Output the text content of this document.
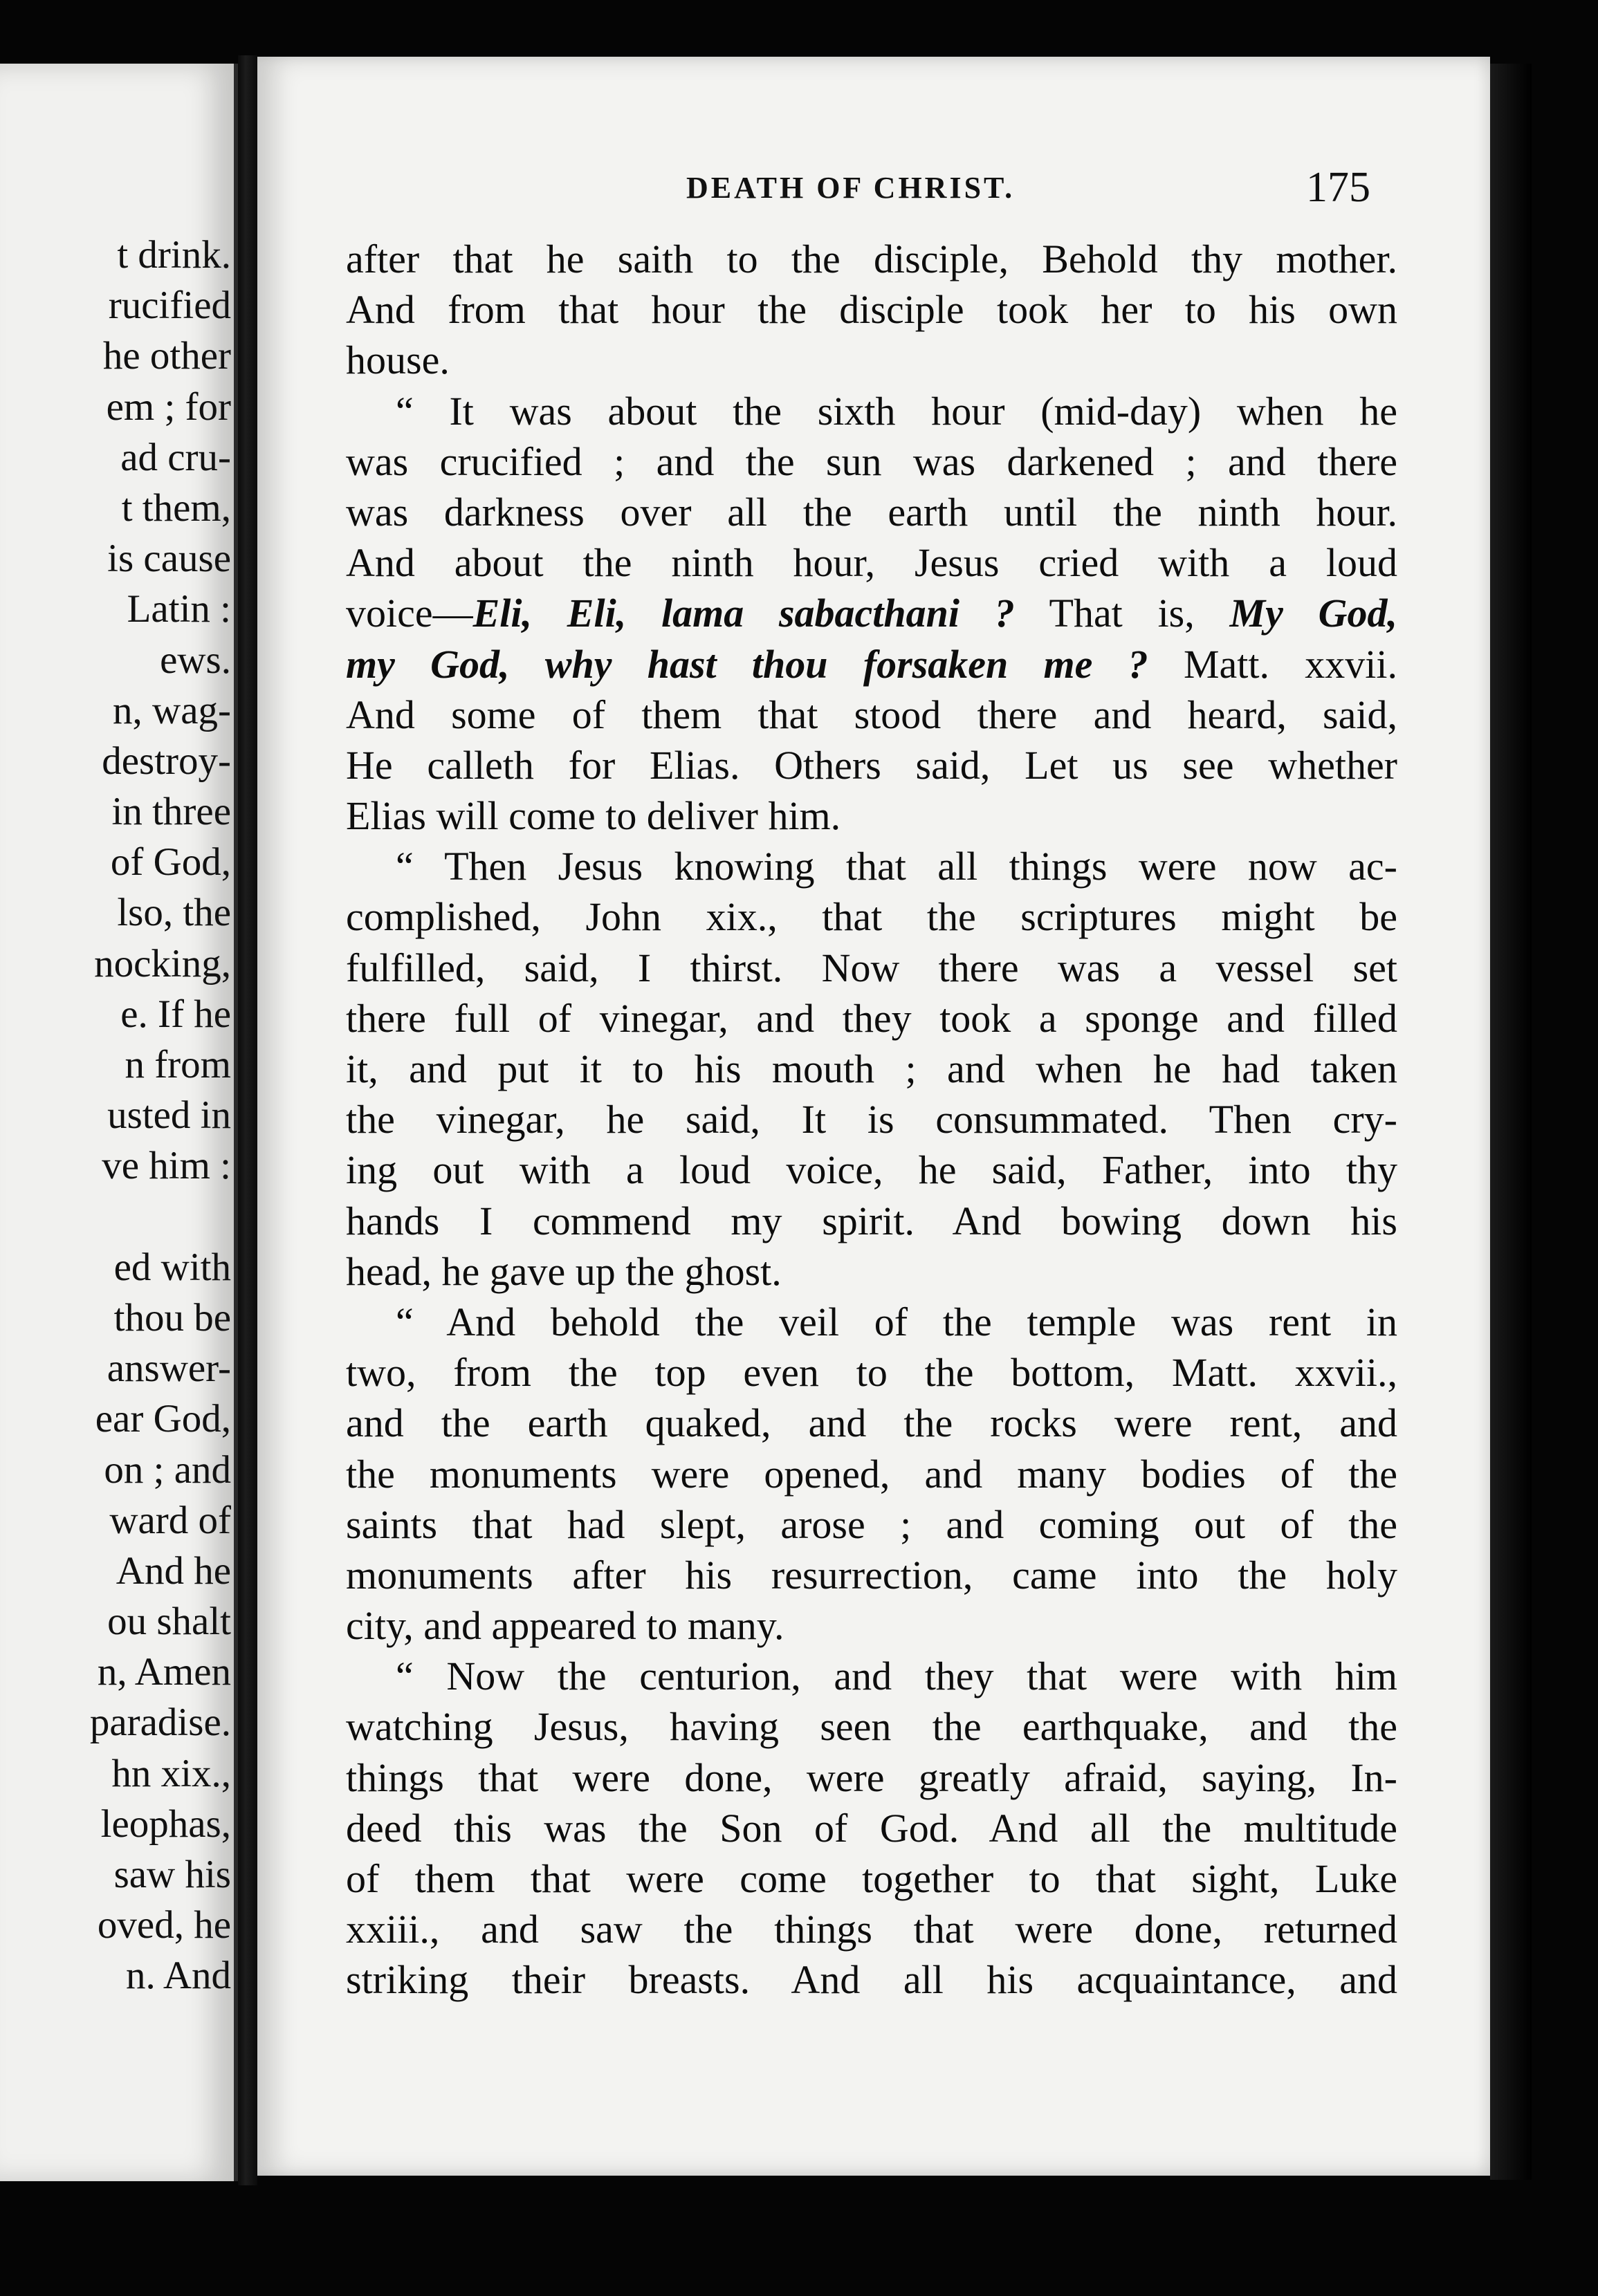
t drink.
rucified
he other
em ; for
ad cru-
t them,
is cause
Latin :
ews.
n, wag-
destroy-
in three
of God,
lso, the
nocking,
e. If he
n from
usted in
ve him :
ed with
thou be
answer-
ear God,
on ; and
ward of
And he
ou shalt
n, Amen
paradise.
hn xix.,
leophas,
saw his
oved, he
n. And
DEATH OF CHRIST.	175
after that he saith to the disciple, Behold thy mother.
And from that hour the disciple took her to his own
house.
“ It was about the sixth hour (mid-day) when he
was crucified ; and the sun was darkened ; and there
was darkness over all the earth until the ninth hour.
And about the ninth hour, Jesus cried with a loud
voice—Eli, Eli, lama sabacthani ? That is, My God,
my God, why hast thou forsaken me ? Matt. xxvii.
And some of them that stood there and heard, said,
He calleth for Elias. Others said, Let us see whether
Elias will come to deliver him.
“ Then Jesus knowing that all things were now ac-
complished, John xix., that the scriptures might be
fulfilled, said, I thirst. Now there was a vessel set
there full of vinegar, and they took a sponge and filled
it, and put it to his mouth ; and when he had taken
the vinegar, he said, It is consummated. Then cry-
ing out with a loud voice, he said, Father, into thy
hands I commend my spirit. And bowing down his
head, he gave up the ghost.
“ And behold the veil of the temple was rent in
two, from the top even to the bottom, Matt. xxvii.,
and the earth quaked, and the rocks were rent, and
the monuments were opened, and many bodies of the
saints that had slept, arose ; and coming out of the
monuments after his resurrection, came into the holy
city, and appeared to many.
“ Now the centurion, and they that were with him
watching Jesus, having seen the earthquake, and the
things that were done, were greatly afraid, saying, In-
deed this was the Son of God. And all the multitude
of them that were come together to that sight, Luke
xxiii., and saw the things that were done, returned
striking their breasts. And all his acquaintance, and
